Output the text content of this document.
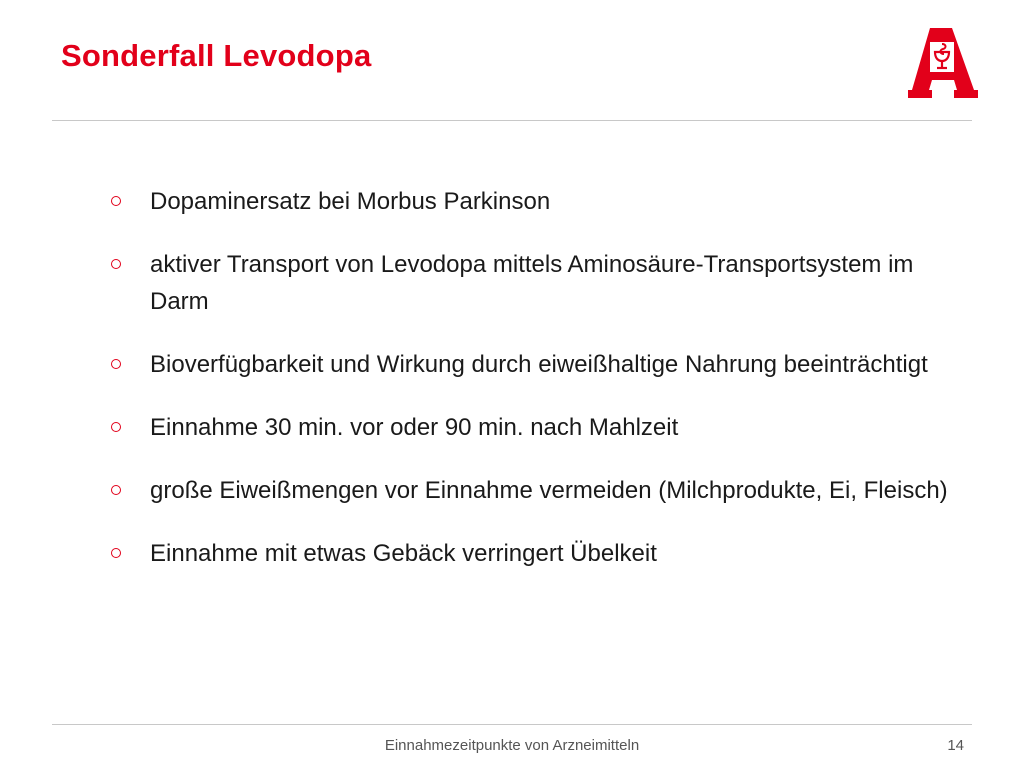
Sonderfall Levodopa
Dopaminersatz bei Morbus Parkinson
aktiver Transport von Levodopa mittels Aminosäure-Transportsystem im Darm
Bioverfügbarkeit und Wirkung durch eiweißhaltige Nahrung beeinträchtigt
Einnahme 30 min. vor oder 90 min. nach Mahlzeit
große Eiweißmengen vor Einnahme vermeiden (Milchprodukte, Ei, Fleisch)
Einnahme mit etwas Gebäck verringert Übelkeit
Einnahmezeitpunkte von Arzneimitteln	14
